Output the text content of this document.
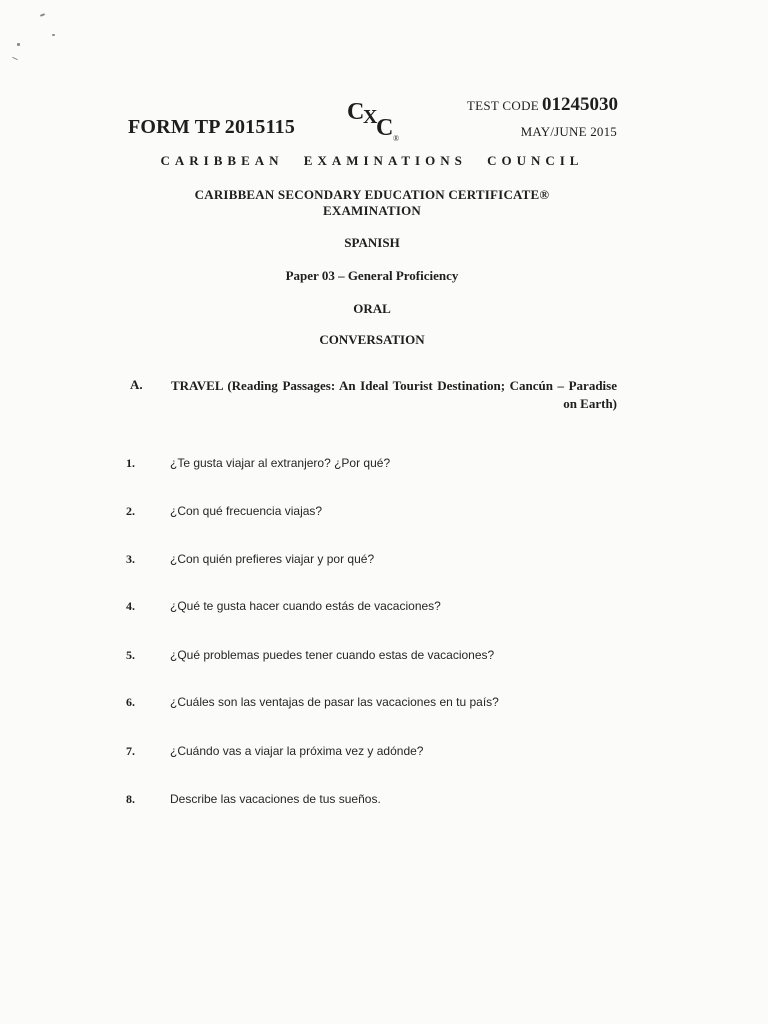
FORM TP 2015115
C
X
C ®
TEST CODE 01245030
MAY/JUNE 2015
CARIBBEAN EXAMINATIONS COUNCIL
CARIBBEAN SECONDARY EDUCATION CERTIFICATE®
EXAMINATION
SPANISH
Paper 03 – General Proficiency
ORAL
CONVERSATION
A. TRAVEL (Reading Passages: An Ideal Tourist Destination; Cancún – Paradise on Earth)
1.	¿Te gusta viajar al extranjero? ¿Por qué?
2.	¿Con qué frecuencia viajas?
3.	¿Con quién prefieres viajar y por qué?
4.	¿Qué te gusta hacer cuando estás de vacaciones?
5.	¿Qué problemas puedes tener cuando estas de vacaciones?
6.	¿Cuáles son las ventajas de pasar las vacaciones en tu país?
7.	¿Cuándo vas a viajar la próxima vez y adónde?
8.	Describe las vacaciones de tus sueños.
